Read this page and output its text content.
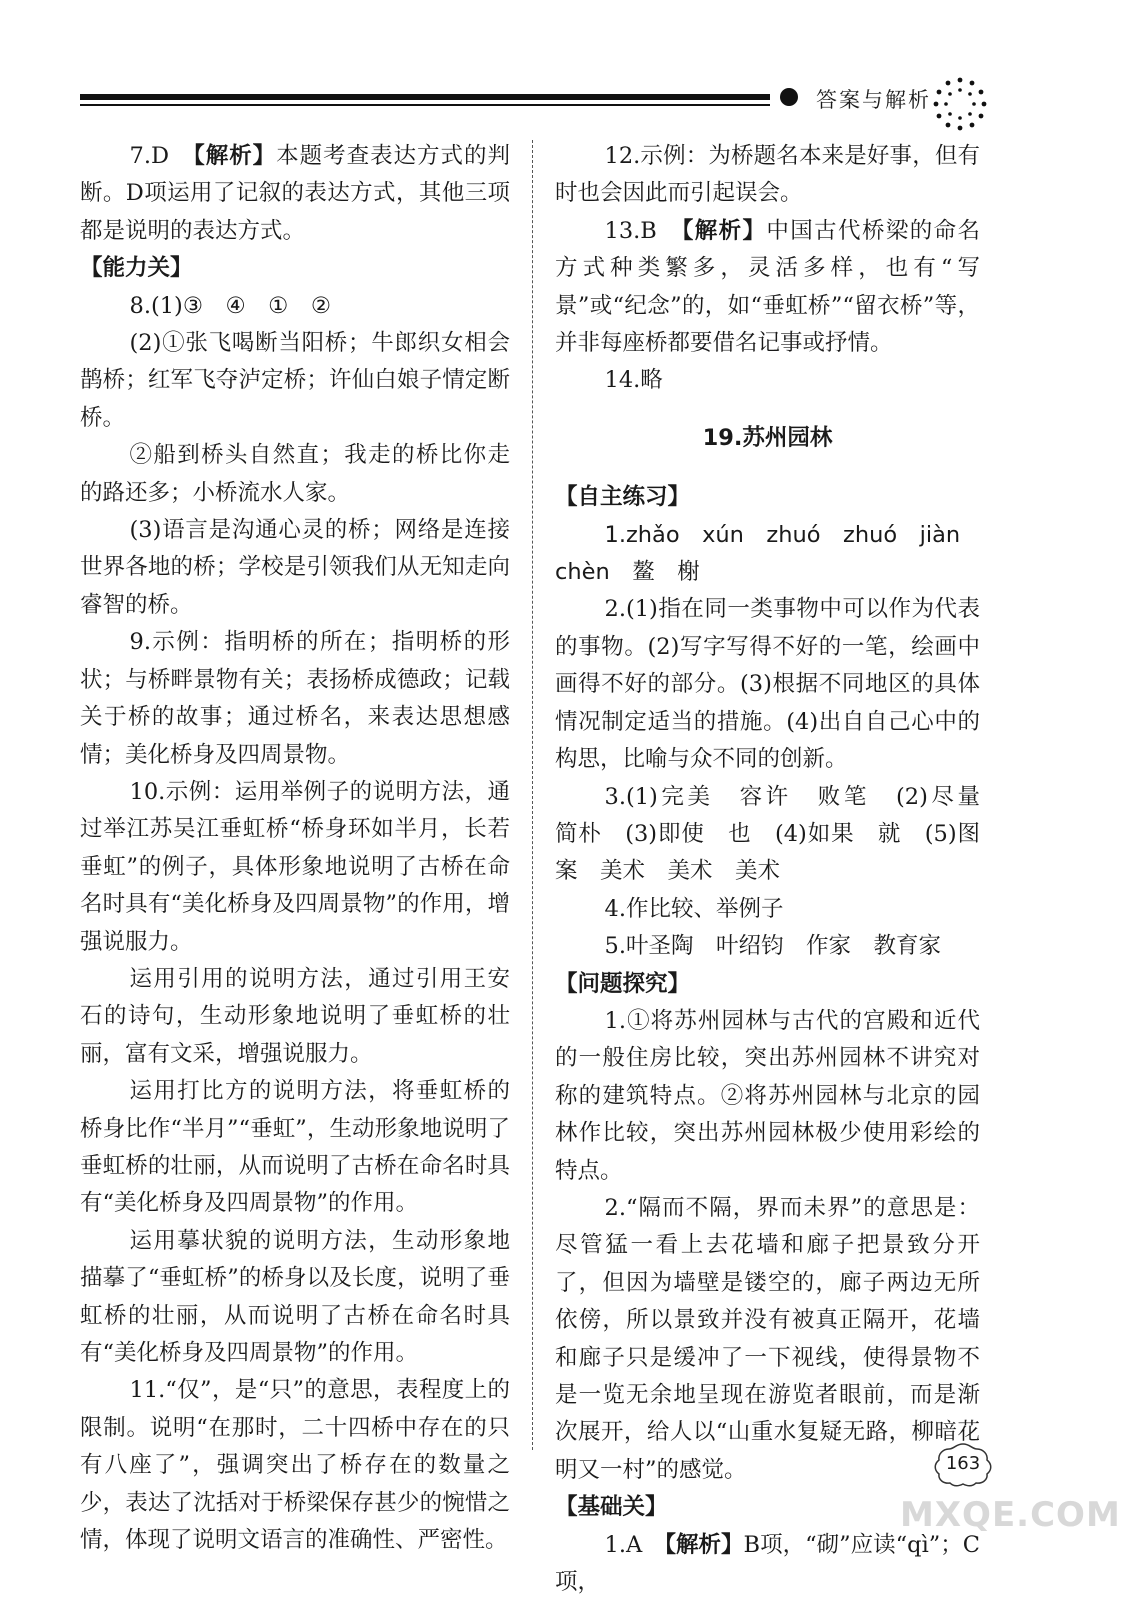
答案与解析

7.D　 【解析】本题考查表达方式的判断。D项运用了记叙的表达方式，其他三项都是说明的表达方式。

【能力关】

8.(1)③　④　①　②

(2)①张飞喝断当阳桥；牛郎织女相会鹊桥；红军飞夺泸定桥；许仙白娘子情定断桥。

②船到桥头自然直；我走的桥比你走的路还多；小桥流水人家。

(3)语言是沟通心灵的桥；网络是连接世界各地的桥；学校是引领我们从无知走向睿智的桥。

9.示例：指明桥的所在；指明桥的形状；与桥畔景物有关；表扬桥成德政；记载关于桥的故事；通过桥名，来表达思想感情；美化桥身及四周景物。

10.示例：运用举例子的说明方法，通过举江苏吴江垂虹桥“桥身环如半月，长若垂虹”的例子，具体形象地说明了古桥在命名时具有“美化桥身及四周景物”的作用，增强说服力。

运用引用的说明方法，通过引用王安石的诗句，生动形象地说明了垂虹桥的壮丽，富有文采，增强说服力。

运用打比方的说明方法，将垂虹桥的桥身比作“半月”“垂虹”，生动形象地说明了垂虹桥的壮丽，从而说明了古桥在命名时具有“美化桥身及四周景物”的作用。

运用摹状貌的说明方法，生动形象地描摹了“垂虹桥”的桥身以及长度，说明了垂虹桥的壮丽，从而说明了古桥在命名时具有“美化桥身及四周景物”的作用。

11.“仅”，是“只”的意思，表程度上的限制。说明“在那时，二十四桥中存在的只有八座了”，强调突出了桥存在的数量之少，表达了沈括对于桥梁保存甚少的惋惜之情，体现了说明文语言的准确性、严密性。

12.示例：为桥题名本来是好事，但有时也会因此而引起误会。

13.B　 【解析】中国古代桥梁的命名方式种类繁多，灵活多样，也有“写景”或“纪念”的，如“垂虹桥”“留衣桥”等，并非每座桥都要借名记事或抒情。

14.略

19.苏州园林

【自主练习】

1.zhǎo　xún　zhuó　zhuó　jiàn

chèn　鳌　榭

2.(1)指在同一类事物中可以作为代表的事物。(2)写字写得不好的一笔，绘画中画得不好的部分。(3)根据不同地区的具体情况制定适当的措施。(4)出自自己心中的构思，比喻与众不同的创新。

3.(1)完美　容许　败笔　(2)尽量　简朴　(3)即使　也　(4)如果　就　(5)图案　美术　美术　美术

4.作比较、举例子

5.叶圣陶　叶绍钧　作家　教育家

【问题探究】

1.①将苏州园林与古代的宫殿和近代的一般住房比较，突出苏州园林不讲究对称的建筑特点。②将苏州园林与北京的园林作比较，突出苏州园林极少使用彩绘的特点。

2.“隔而不隔，界而未界”的意思是：尽管猛一看上去花墙和廊子把景致分开了，但因为墙壁是镂空的，廊子两边无所依傍，所以景致并没有被真正隔开，花墙和廊子只是缓冲了一下视线，使得景物不是一览无余地呈现在游览者眼前，而是渐次展开，给人以“山重水复疑无路，柳暗花明又一村”的感觉。

【基础关】

1.A　 【解析】B项，“砌”应读“qì”；C项，

163
MXQE.COM
